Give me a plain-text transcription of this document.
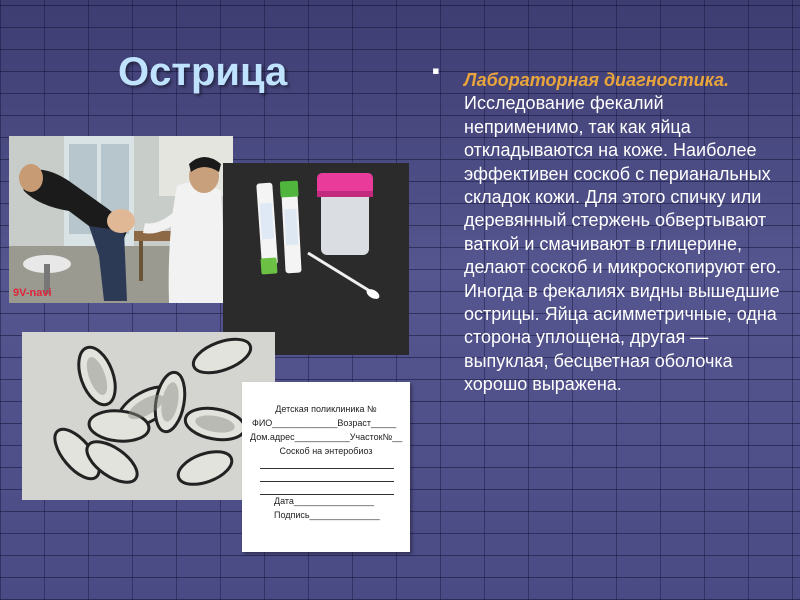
Острица	▪ Лабораторная диагностика. Исследование фекалий неприменимо, так как яйца откладываются на коже. Наиболее эффективен соскоб с перианальных складок кожи. Для этого спичку или деревянный стержень обвертывают ваткой и смачивают в глицерине, делают соскоб и микроскопируют его. Иногда в фекалиях видны вышедшие острицы. Яйца асимметричные, одна сторона уплощена, другая — выпуклая, бесцветная оболочка хорошо выражена.

9V-navi
Детская поликлиника №
ФИО_____________Возраст_____
Дом.адрес___________Участок№__
Соскоб на энтеробиоз
Дата________________
Подпись______________
